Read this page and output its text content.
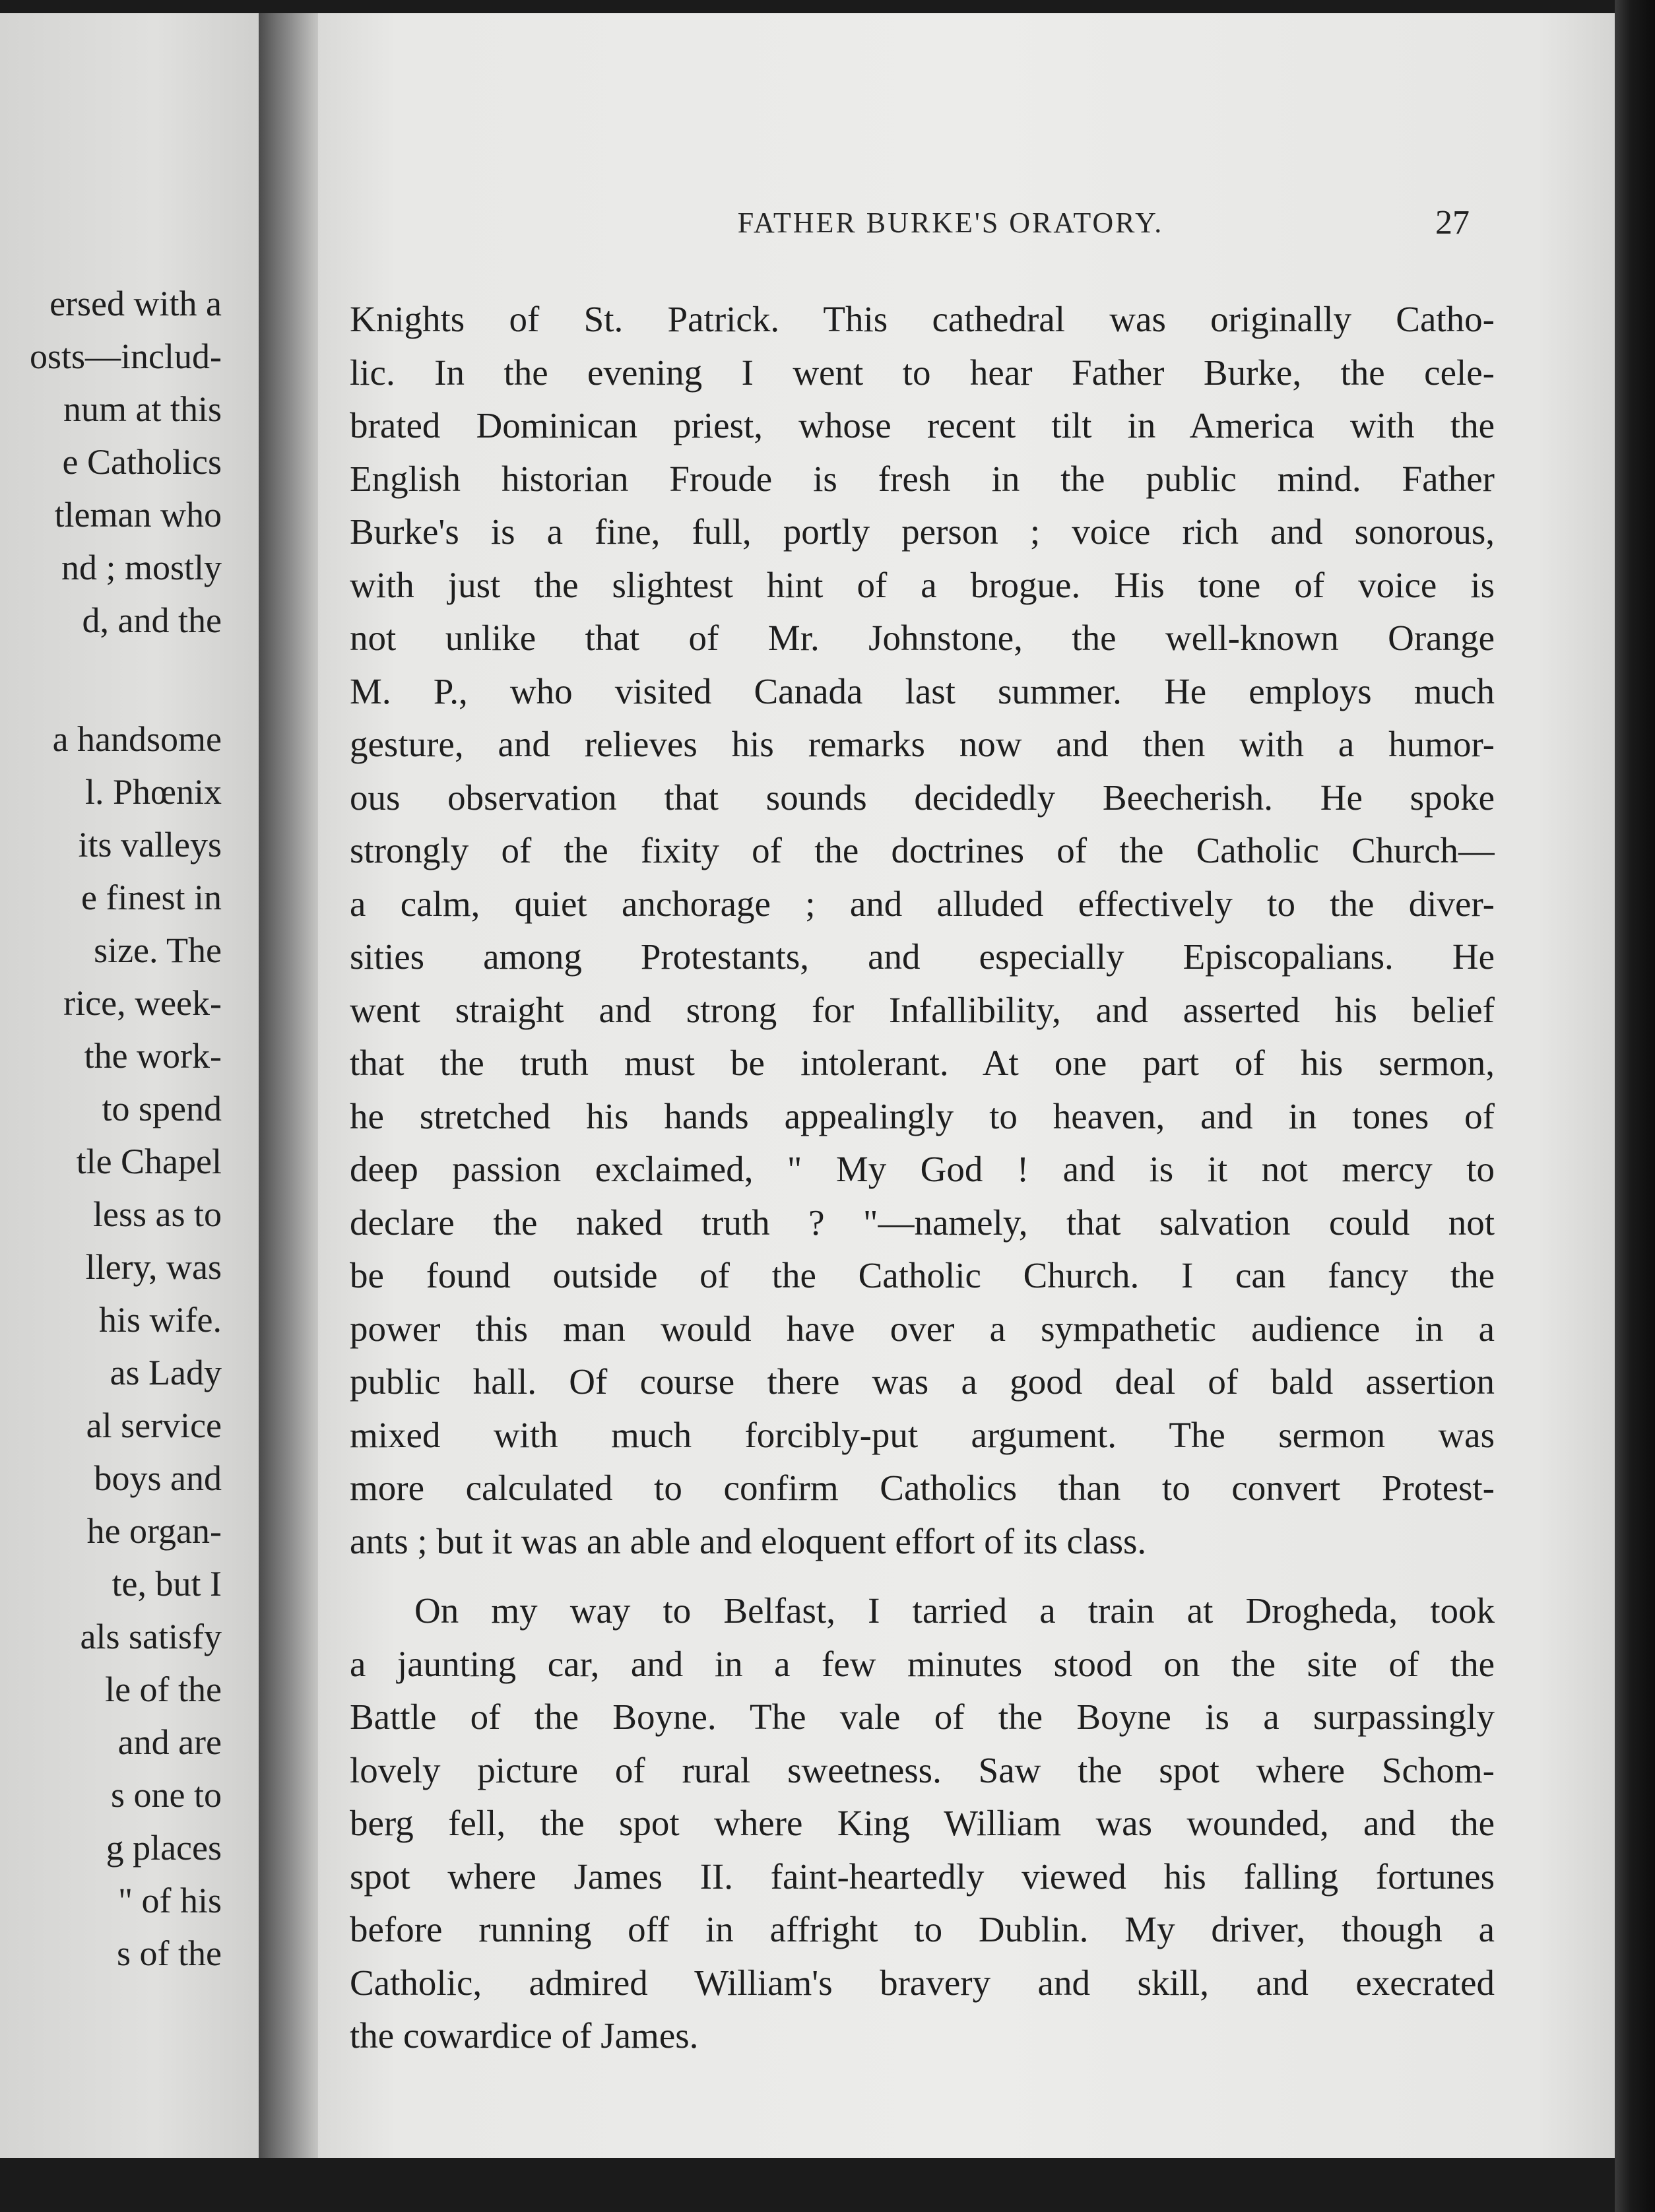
ersed with a
osts—includ-
num at this
e Catholics
tleman who
nd ; mostly
d, and the
a handsome
l. Phœnix
its valleys
e finest in
size. The
rice, week-
the work-
to spend
tle Chapel
less as to
llery, was
his wife.
as Lady
al service
boys and
he organ-
te, but I
als satisfy
le of the
and are
s one to
g places
" of his
s of the
FATHER BURKE'S ORATORY.	27
Knights of St. Patrick. This cathedral was originally Catho-
lic. In the evening I went to hear Father Burke, the cele-
brated Dominican priest, whose recent tilt in America with the
English historian Froude is fresh in the public mind. Father
Burke's is a fine, full, portly person ; voice rich and sonorous,
with just the slightest hint of a brogue. His tone of voice is
not unlike that of Mr. Johnstone, the well-known Orange
M. P., who visited Canada last summer. He employs much
gesture, and relieves his remarks now and then with a humor-
ous observation that sounds decidedly Beecherish. He spoke
strongly of the fixity of the doctrines of the Catholic Church—
a calm, quiet anchorage ; and alluded effectively to the diver-
sities among Protestants, and especially Episcopalians. He
went straight and strong for Infallibility, and asserted his belief
that the truth must be intolerant. At one part of his sermon,
he stretched his hands appealingly to heaven, and in tones of
deep passion exclaimed, " My God ! and is it not mercy to
declare the naked truth ? "—namely, that salvation could not
be found outside of the Catholic Church. I can fancy the
power this man would have over a sympathetic audience in a
public hall. Of course there was a good deal of bald assertion
mixed with much forcibly-put argument. The sermon was
more calculated to confirm Catholics than to convert Protest-
ants ; but it was an able and eloquent effort of its class.
On my way to Belfast, I tarried a train at Drogheda, took
a jaunting car, and in a few minutes stood on the site of the
Battle of the Boyne. The vale of the Boyne is a surpassingly
lovely picture of rural sweetness. Saw the spot where Schom-
berg fell, the spot where King William was wounded, and the
spot where James II. faint-heartedly viewed his falling fortunes
before running off in affright to Dublin. My driver, though a
Catholic, admired William's bravery and skill, and execrated
the cowardice of James.
